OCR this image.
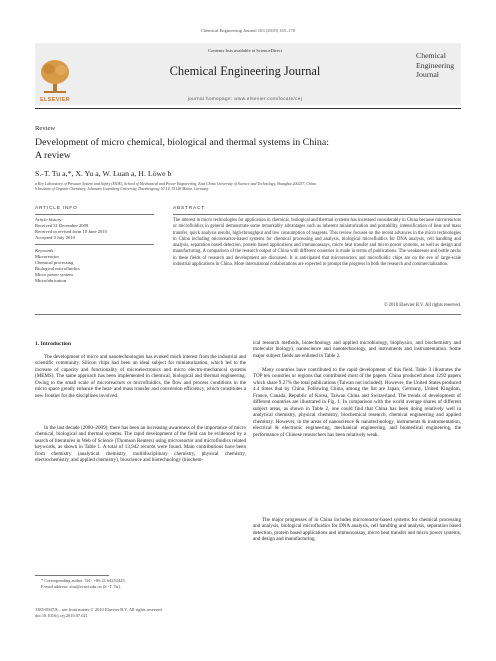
Chemical Engineering Journal 163 (2010) 165–170
ELSEVIER
Contents lists available at ScienceDirect
Chemical Engineering Journal
journal homepage: www.elsevier.com/locate/cej
Chemical
Engineering
Journal
Review
Development of micro chemical, biological and thermal systems in China:
A review
S.-T. Tu a,*, X. Yu a, W. Luan a, H. Löwe b
a Key Laboratory of Pressure System and Safety (MOE), School of Mechanical and Power Engineering, East China University of Science and Technology, Shanghai 200237, China
b Institute of Organic Chemistry, Johannes Gutenberg University, Duesbergweg 10-14, 55128 Mainz, Germany
ARTICLE INFO
Article history:
Received 31 December 2009
Received in revised form 10 June 2010
Accepted 9 July 2010
Keywords:
Microreactor
Chemical processing
Biological microfluidics
Micro power system
Microfabrication
ABSTRACT
The interest in micro technologies for application in chemical, biological and thermal systems has increased considerably in China because microreactors or microfluidics in general demonstrate some remarkably advantages such as inherent miniaturization and portability, intensification of heat and mass transfer, quick analysis results, high-throughput and low consumption of reagents. This review focuses on the recent advances in the micro technologies in China including microreactor-based systems for chemical processing and analysis, biological microfluidics for DNA analysis, cell handling and analysis, separation based detection, protein based applications and immunoassays, micro heat transfer and micro power systems, as well as design and manufacturing. A comparison of the research output of China with different countries is made in terms of publications. The weaknesses and bottle necks in these fields of research and development are discussed. It is anticipated that microreactors and microfluidic chips are on the eve of large-scale industrial applications in China. More international collaborations are expected to prompt the progress in both the research and commercialization.
© 2010 Elsevier B.V. All rights reserved.
1. Introduction

The development of micro and nanotechnologies has evoked much interest from the industrial and scientific community. Silicon chips had been an ideal subject for miniaturization, which led to the increase of capacity and functionality of microelectronics and micro electro-mechanical systems (MEMS). The same approach has been implemented in chemical, biological and thermal engineering. Owing to the small scale of microreactors or microfluidics, the flow and process conditions in the micro space greatly enhance the heat- and mass transfer and conversion efficiency, which constitutes a new frontier for the disciplines involved.

In the last decade (2000–2009), there has been an increasing awareness of the importance of micro chemical, biological and thermal systems. The rapid development of the field can be evidenced by a search of literatures in Web of Science (Thomson Reuters) using microreactor and microfluidics related keywords, as shown in Table 1. A total of 13,942 records were found. Main contributions have been from chemistry (analytical chemistry, multidisciplinary chemistry, physical chemistry, electrochemistry, and applied chemistry), bioscience and biotechnology (biochem-

ical research methods, biotechnology and applied microbiology, biophysics, and biochemistry and molecular biology), nanoscience and nanotechnology, and instruments and instrumentation. Some major subject fields are enlisted in Table 2.

Many countries have contributed to the rapid development of this field. Table 3 illustrates the TOP ten countries or regions that contributed most of the papers. China produced about 1292 papers which share 9.27% the total publications (Taiwan not included). However, the United States produced 4.4 times that by China. Following China, among the list are Japan, Germany, United Kingdom, France, Canada, Republic of Korea, Taiwan China and Switzerland. The trends of development of different countries are illustrated in Fig. 1. In comparison with the world average shares of different subject areas, as shown in Table 2, one could find that China has been doing relatively well in analytical chemistry, physical chemistry, biochemical research, chemical engineering and applied chemistry. However, in the areas of nanoscience & nanotechnology, instruments & instrumentation, electrical & electronic engineering, mechanical engineering, and biomedical engineering, the performance of Chinese researchers has been relatively weak.

The major progresses of in China includes microreactor-based systems for chemical processing and analysis, biological microfluidics for DNA analysis, cell handling and analysis, separation based detection, protein based applications and immunoassay, micro heat transfer and micro power systems, and design and manufacturing.

* Corresponding author. Tel.: +86 21 64253425.
E-mail address: sttu@ecust.edu.cn (S.-T. Tu).
1385-8947/$ – see front matter © 2010 Elsevier B.V. All rights reserved.
doi:10.1016/j.cej.2010.07.021
